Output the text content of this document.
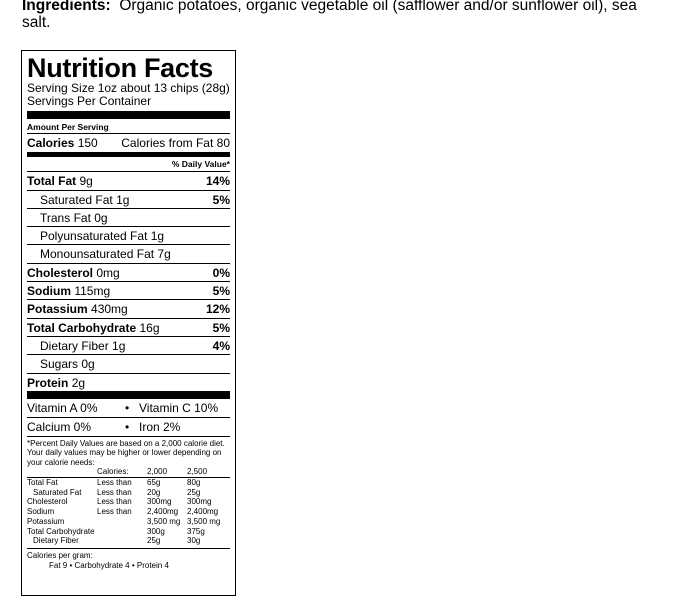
Ingredients: Organic potatoes, organic vegetable oil (safflower and/or sunflower oil), sea salt.
Nutrition Facts
Serving Size 1oz about 13 chips (28g)
Servings Per Container
Amount Per Serving
Calories 150 Calories from Fat 80
% Daily Value*
Total Fat 9g	14%
Saturated Fat 1g	5%
Trans Fat 0g
Polyunsaturated Fat 1g
Monounsaturated Fat 7g
Cholesterol 0mg	0%
Sodium 115mg	5%
Potassium 430mg	12%
Total Carbohydrate 16g	5%
Dietary Fiber 1g	4%
Sugars 0g
Protein 2g
Vitamin A 0%	• Vitamin C 10%
Calcium 0%	• Iron 2%
*Percent Daily Values are based on a 2,000 calorie diet. Your daily values may be higher or lower depending on your calorie needs:
	Calories:	2,000	2,500
Total Fat	Less than	65g	80g
Saturated Fat	Less than	20g	25g
Cholesterol	Less than	300mg	300mg
Sodium	Less than	2,400mg	2,400mg
Potassium		3,500 mg	3,500 mg
Total Carbohydrate		300g	375g
Dietary Fiber		25g	30g
Calories per gram:
Fat 9 • Carbohydrate 4 • Protein 4
